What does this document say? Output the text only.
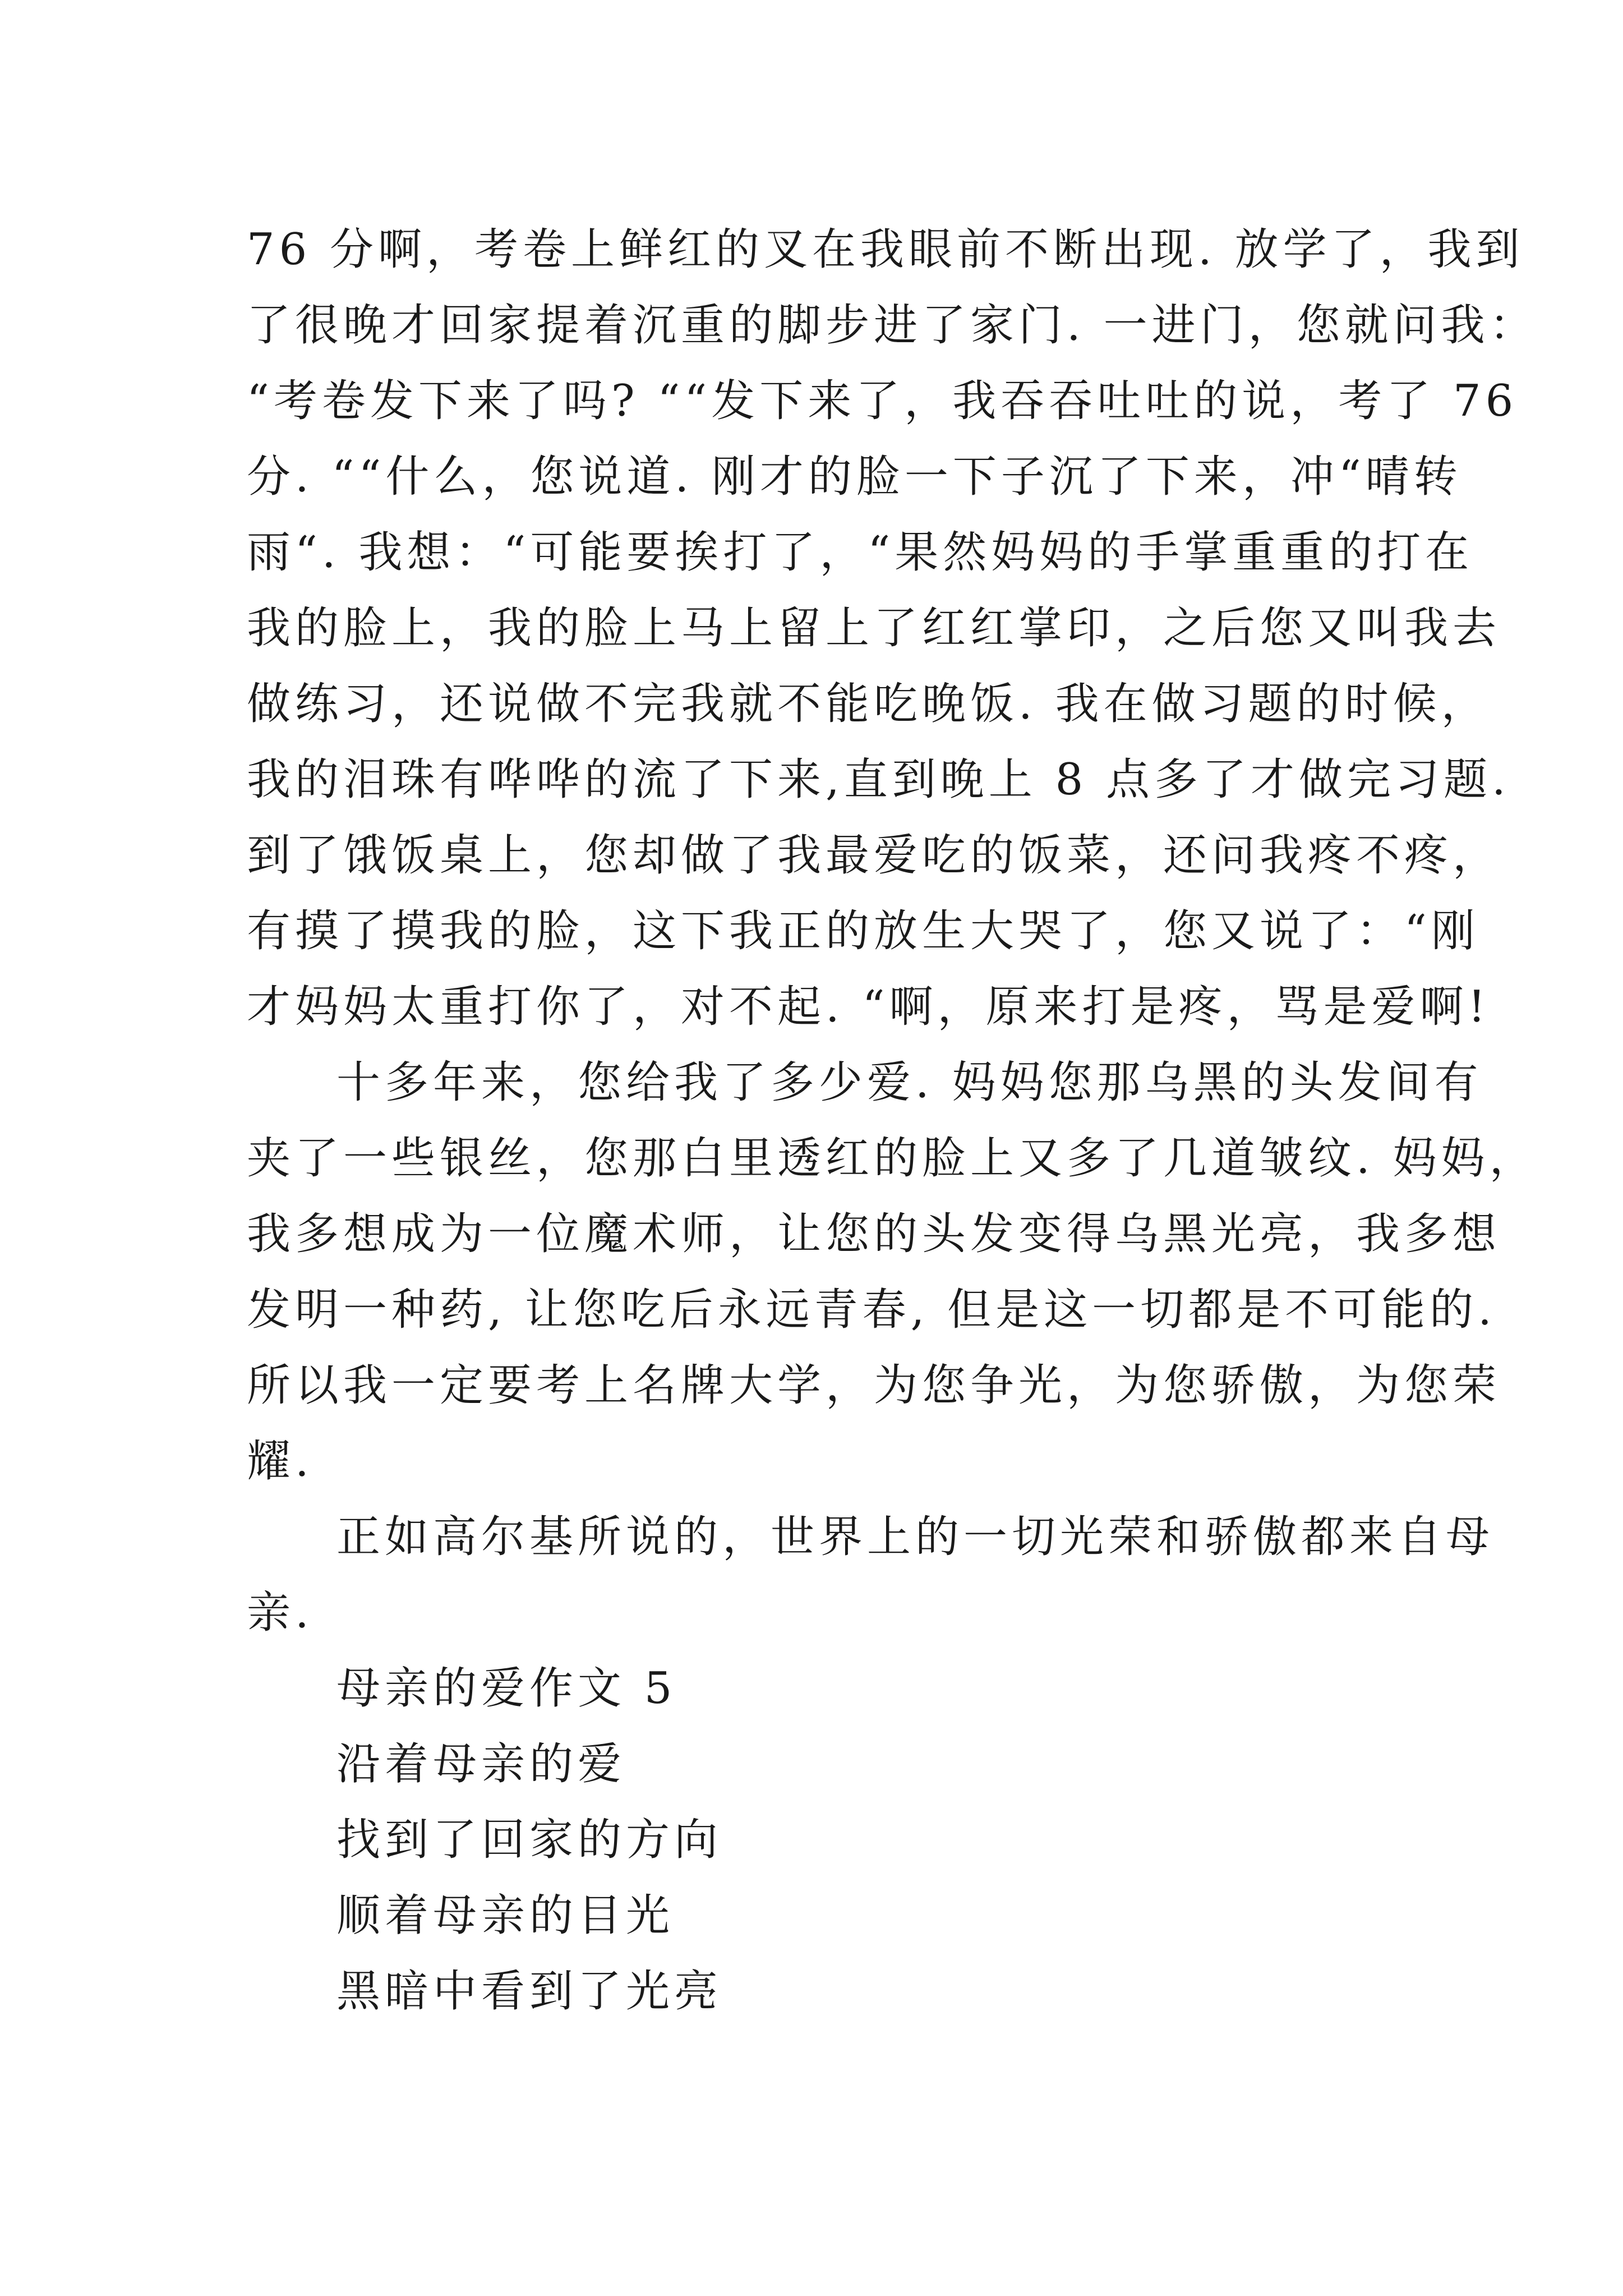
76 分啊，考卷上鲜红的叉在我眼前不断出现. 放学了，我到
了很晚才回家提着沉重的脚步进了家门. 一进门，您就问我：
“考卷发下来了吗? ““发下来了，我吞吞吐吐的说，考了 76
分. ““什么，您说道. 刚才的脸一下子沉了下来，冲“晴转
雨“. 我想：“可能要挨打了，“果然妈妈的手掌重重的打在
我的脸上，我的脸上马上留上了红红掌印，之后您又叫我去
做练习，还说做不完我就不能吃晚饭. 我在做习题的时候，
我的泪珠有哗哗的流了下来,直到晚上 8 点多了才做完习题.
到了饿饭桌上，您却做了我最爱吃的饭菜，还问我疼不疼，
有摸了摸我的脸，这下我正的放生大哭了，您又说了：“刚
才妈妈太重打你了，对不起. “啊，原来打是疼，骂是爱啊!
十多年来，您给我了多少爱. 妈妈您那乌黑的头发间有
夹了一些银丝，您那白里透红的脸上又多了几道皱纹. 妈妈，
我多想成为一位魔术师，让您的头发变得乌黑光亮，我多想
发明一种药, 让您吃后永远青春, 但是这一切都是不可能的.
所以我一定要考上名牌大学，为您争光，为您骄傲，为您荣
耀.
正如高尔基所说的，世界上的一切光荣和骄傲都来自母
亲.
母亲的爱作文 5
沿着母亲的爱
找到了回家的方向
顺着母亲的目光
黑暗中看到了光亮
